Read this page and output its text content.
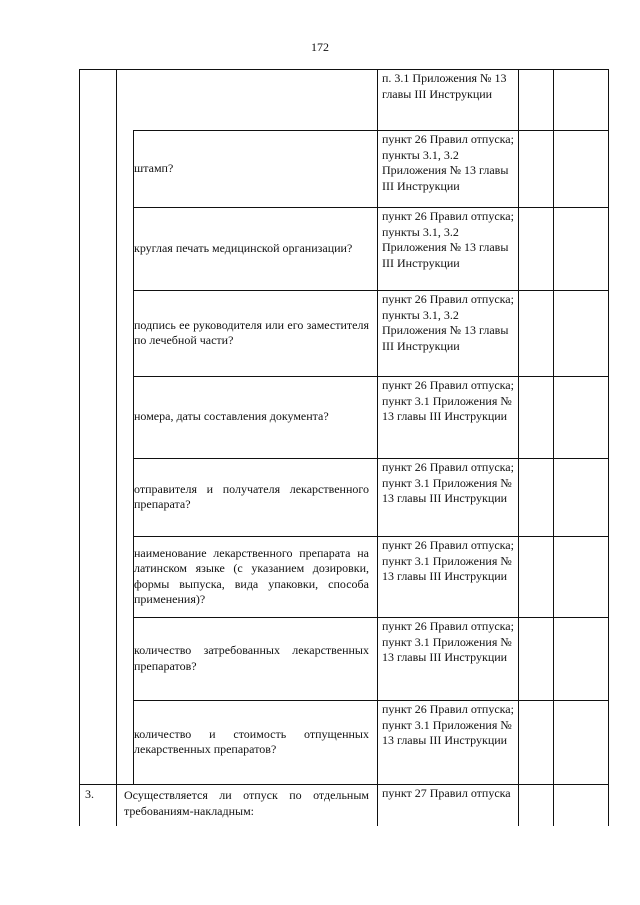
172
п. 3.1 Приложения № 13 главы III Инструкции
штамп?
пункт 26 Правил отпуска; пункты 3.1, 3.2 Приложения № 13 главы III Инструкции
круглая печать медицинской организации?
пункт 26 Правил отпуска; пункты 3.1, 3.2 Приложения № 13 главы III Инструкции
подпись ее руководителя или его заместителя по лечебной части?
пункт 26 Правил отпуска; пункты 3.1, 3.2 Приложения № 13 главы III Инструкции
номера, даты составления документа?
пункт 26 Правил отпуска; пункт 3.1 Приложения № 13 главы III Инструкции
отправителя и получателя лекарственного препарата?
пункт 26 Правил отпуска; пункт 3.1 Приложения № 13 главы III Инструкции
наименование лекарственного препарата на латинском языке (с указанием дозировки, формы выпуска, вида упаковки, способа применения)?
пункт 26 Правил отпуска; пункт 3.1 Приложения № 13 главы III Инструкции
количество затребованных лекарственных препаратов?
пункт 26 Правил отпуска; пункт 3.1 Приложения № 13 главы III Инструкции
количество и стоимость отпущенных лекарственных препаратов?
пункт 26 Правил отпуска; пункт 3.1 Приложения № 13 главы III Инструкции
3.	Осуществляется ли отпуск по отдельным требованиям-накладным:
пункт 27 Правил отпуска
